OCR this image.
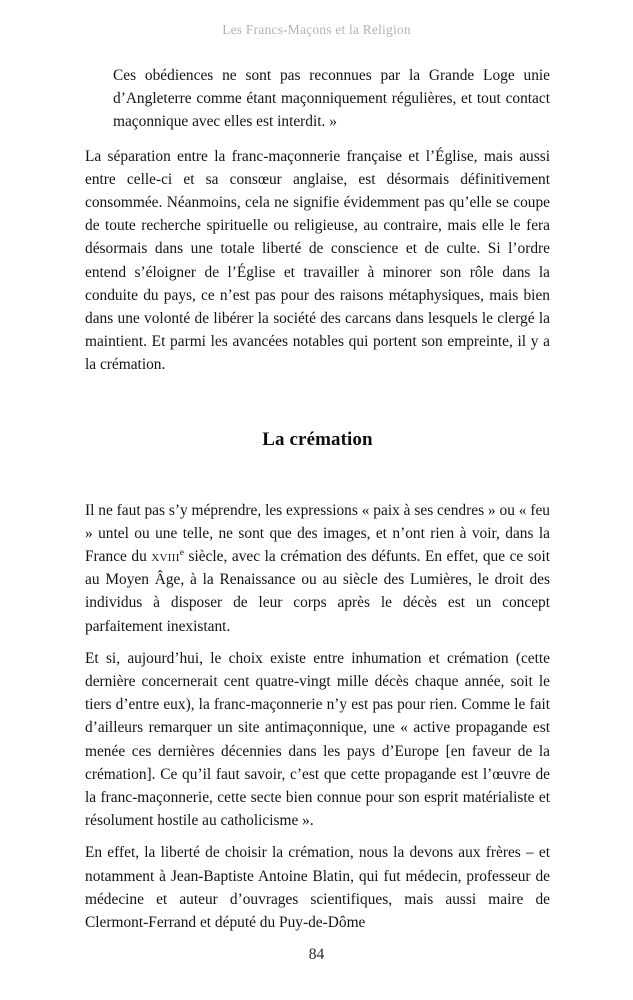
Les Francs-Maçons et la Religion

Ces obédiences ne sont pas reconnues par la Grande Loge unie d’Angleterre comme étant maçonniquement régulières, et tout contact maçonnique avec elles est interdit. »

La séparation entre la franc-maçonnerie française et l’Église, mais aussi entre celle-ci et sa consœur anglaise, est désormais définitivement consommée. Néanmoins, cela ne signifie évidemment pas qu’elle se coupe de toute recherche spirituelle ou religieuse, au contraire, mais elle le fera désormais dans une totale liberté de conscience et de culte. Si l’ordre entend s’éloigner de l’Église et travailler à minorer son rôle dans la conduite du pays, ce n’est pas pour des raisons métaphysiques, mais bien dans une volonté de libérer la société des carcans dans lesquels le clergé la maintient. Et parmi les avancées notables qui portent son empreinte, il y a la crémation.

La crémation

Il ne faut pas s’y méprendre, les expressions « paix à ses cendres » ou « feu » untel ou une telle, ne sont que des images, et n’ont rien à voir, dans la France du xviii$^e$ siècle, avec la crémation des défunts. En effet, que ce soit au Moyen Âge, à la Renaissance ou au siècle des Lumières, le droit des individus à disposer de leur corps après le décès est un concept parfaitement inexistant.

Et si, aujourd’hui, le choix existe entre inhumation et crémation (cette dernière concernerait cent quatre-vingt mille décès chaque année, soit le tiers d’entre eux), la franc-maçonnerie n’y est pas pour rien. Comme le fait d’ailleurs remarquer un site antimaçonnique, une « active propagande est menée ces dernières décennies dans les pays d’Europe [en faveur de la crémation]. Ce qu’il faut savoir, c’est que cette propagande est l’œuvre de la franc-maçonnerie, cette secte bien connue pour son esprit matérialiste et résolument hostile au catholicisme ».

En effet, la liberté de choisir la crémation, nous la devons aux frères – et notamment à Jean-Baptiste Antoine Blatin, qui fut médecin, professeur de médecine et auteur d’ouvrages scientifiques, mais aussi maire de Clermont-Ferrand et député du Puy-de-Dôme

84
